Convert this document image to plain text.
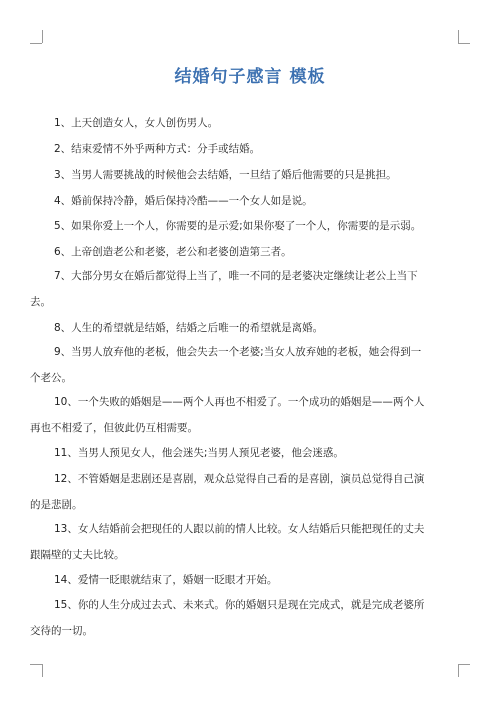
结婚句子感言 模板
1、上天创造女人，女人创伤男人。
2、结束爱情不外乎两种方式：分手或结婚。
3、当男人需要挑战的时候他会去结婚，一旦结了婚后他需要的只是挑担。
4、婚前保持冷静，婚后保持冷酷——一个女人如是说。
5、如果你爱上一个人，你需要的是示爱;如果你娶了一个人，你需要的是示弱。
6、上帝创造老公和老婆，老公和老婆创造第三者。
7、大部分男女在婚后都觉得上当了，唯一不同的是老婆决定继续让老公上当下
去。
8、人生的希望就是结婚，结婚之后唯一的希望就是离婚。
9、当男人放弃他的老板，他会失去一个老婆;当女人放弃她的老板，她会得到一
个老公。
10、一个失败的婚姻是——两个人再也不相爱了。一个成功的婚姻是——两个人
再也不相爱了，但彼此仍互相需要。
11、当男人预见女人，他会迷失;当男人预见老婆，他会迷惑。
12、不管婚姻是悲剧还是喜剧，观众总觉得自己看的是喜剧，演员总觉得自己演
的是悲剧。
13、女人结婚前会把现任的人跟以前的情人比较。女人结婚后只能把现任的丈夫
跟隔壁的丈夫比较。
14、爱情一眨眼就结束了，婚姻一眨眼才开始。
15、你的人生分成过去式、未来式。你的婚姻只是现在完成式，就是完成老婆所
交待的一切。
